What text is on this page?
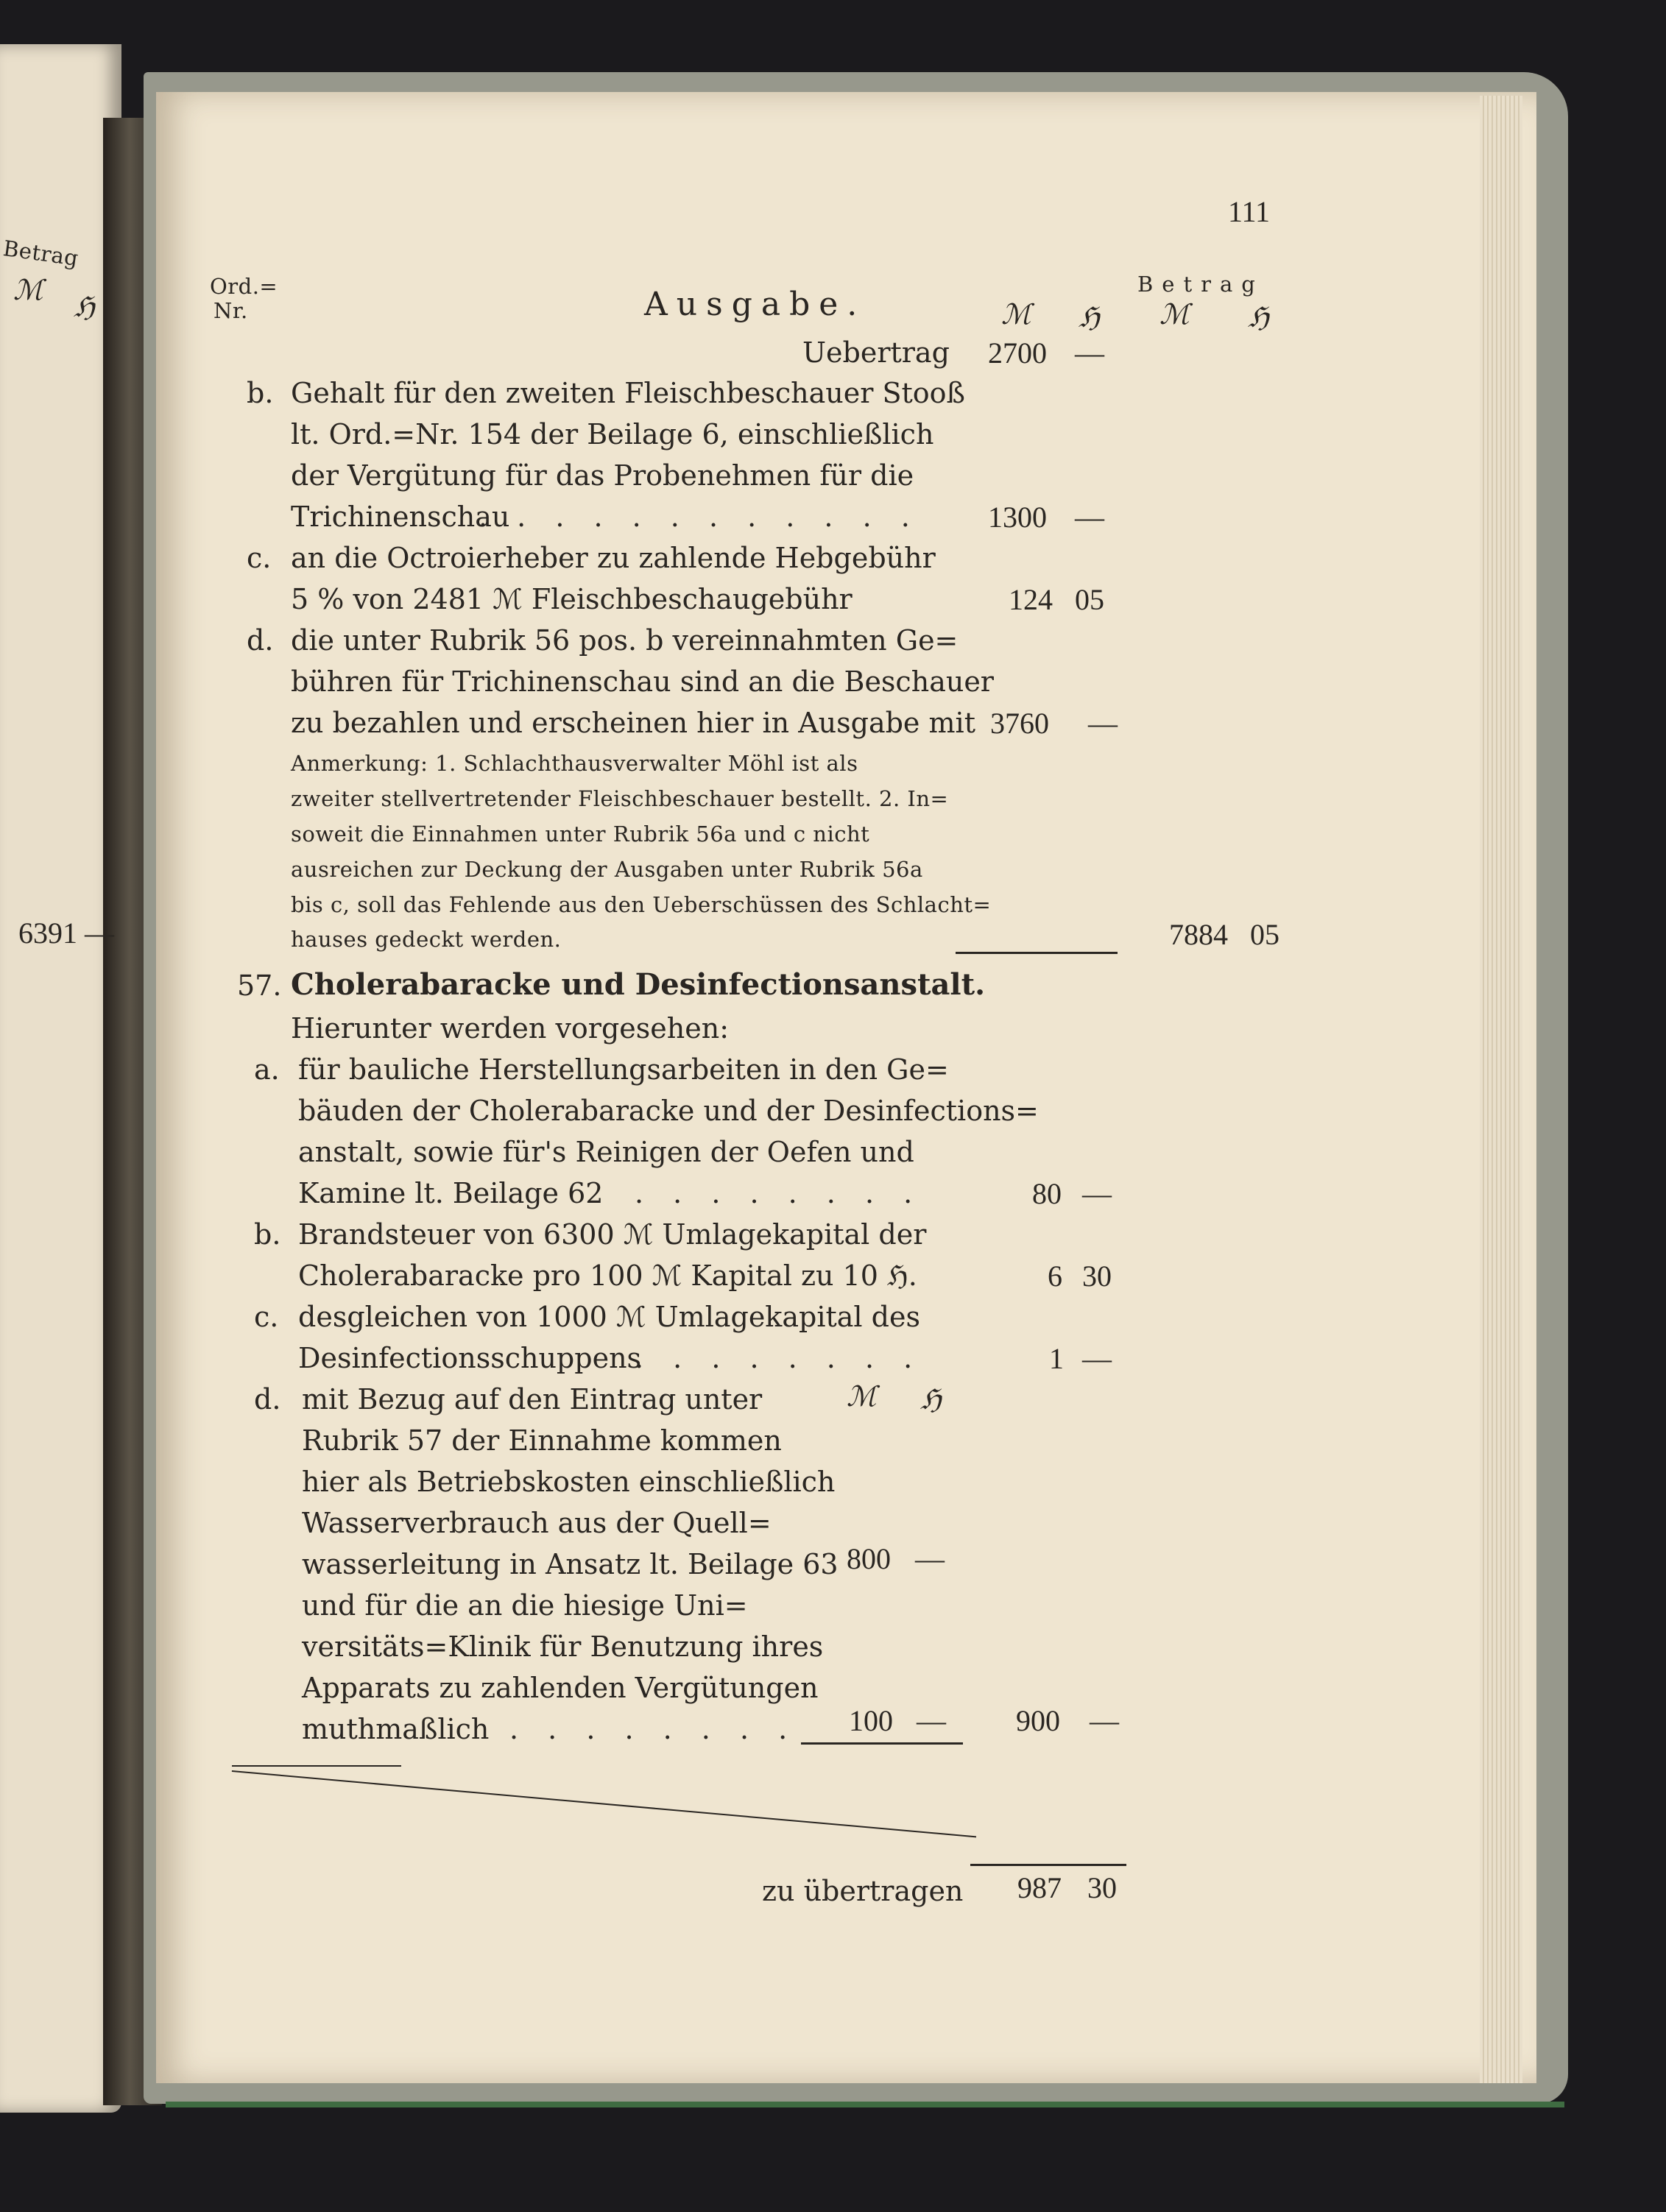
Betrag
ℳ
ℌ
6391 —
111
Ord.=
Nr.	Ausgabe.	ℳ ℌ
Betrag
ℳ ℌ
Uebertrag 2700 —
b. Gehalt für den zweiten Fleischbeschauer Stooß
lt. Ord.=Nr. 154 der Beilage 6, einschließlich
der Vergütung für das Probenehmen für die
Trichinenschau
. . . . . . . . . . . . 1300 —
c. an die Octroierheber zu zahlende Hebgebühr
5 % von 2481 ℳ Fleischbeschaugebühr	124 05
d. die unter Rubrik 56 pos. b vereinnahmten Ge=
bühren für Trichinenschau sind an die Beschauer
zu bezahlen und erscheinen hier in Ausgabe mit 3760 —
Anmerkung: 1. Schlachthausverwalter Möhl ist als
zweiter stellvertretender Fleischbeschauer bestellt. 2. In=
soweit die Einnahmen unter Rubrik 56a und c nicht
ausreichen zur Deckung der Ausgaben unter Rubrik 56a
bis c, soll das Fehlende aus den Ueberschüssen des Schlacht=
hauses gedeckt werden.	7884 05
57. Cholerabaracke und Desinfectionsanstalt.
Hierunter werden vorgesehen:
a. für bauliche Herstellungsarbeiten in den Ge=
bäuden der Cholerabaracke und der Desinfections=
anstalt, sowie für's Reinigen der Oefen und
Kamine lt. Beilage 62 . . . . . . . .	80 —
b. Brandsteuer von 6300 ℳ Umlagekapital der
Cholerabaracke pro 100 ℳ Kapital zu 10 ℌ.	6 30
c. desgleichen von 1000 ℳ Umlagekapital des
Desinfectionsschuppens
. . . . . . . .	1 —
d.	ℳ ℌ
mit Bezug auf den Eintrag unter
Rubrik 57 der Einnahme kommen
hier als Betriebskosten einschließlich
Wasserverbrauch aus der Quell=
wasserleitung in Ansatz lt. Beilage 63 800 —
und für die an die hiesige Uni=
versitäts=Klinik für Benutzung ihres
Apparats zu zahlenden Vergütungen
muthmaßlich . . . . . . . . 100 — 900 —
zu übertragen 987 30
